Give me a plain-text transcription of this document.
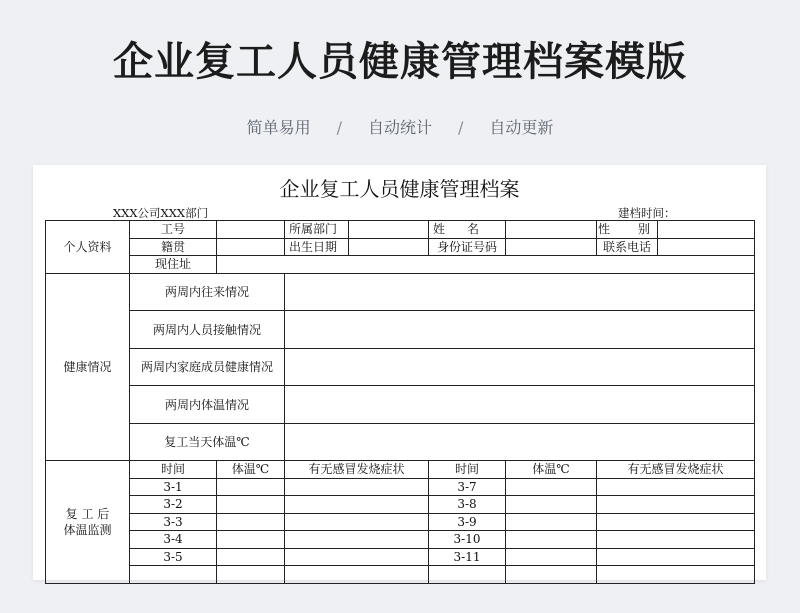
企业复工人员健康管理档案模版
简单易用 / 自动统计 / 自动更新
企业复工人员健康管理档案
XXX公司XXX部门	建档时间：
个人资料	工号		所属部门		姓名		性别	
	籍贯		出生日期		身份证号码		联系电话	
	现住址							
健康情况	两周内往来情况							
	两周内人员接触情况							
	两周内家庭成员健康情况							
	两周内体温情况							
	复工当天体温℃							

复 工 后
体温监测	时间	体温℃	有无感冒发烧症状		时间	体温℃	有无感冒发烧症状	
	3-1				3-7			
	3-2				3-8			
	3-3				3-9			
	3-4				3-10			
	3-5				3-11			
